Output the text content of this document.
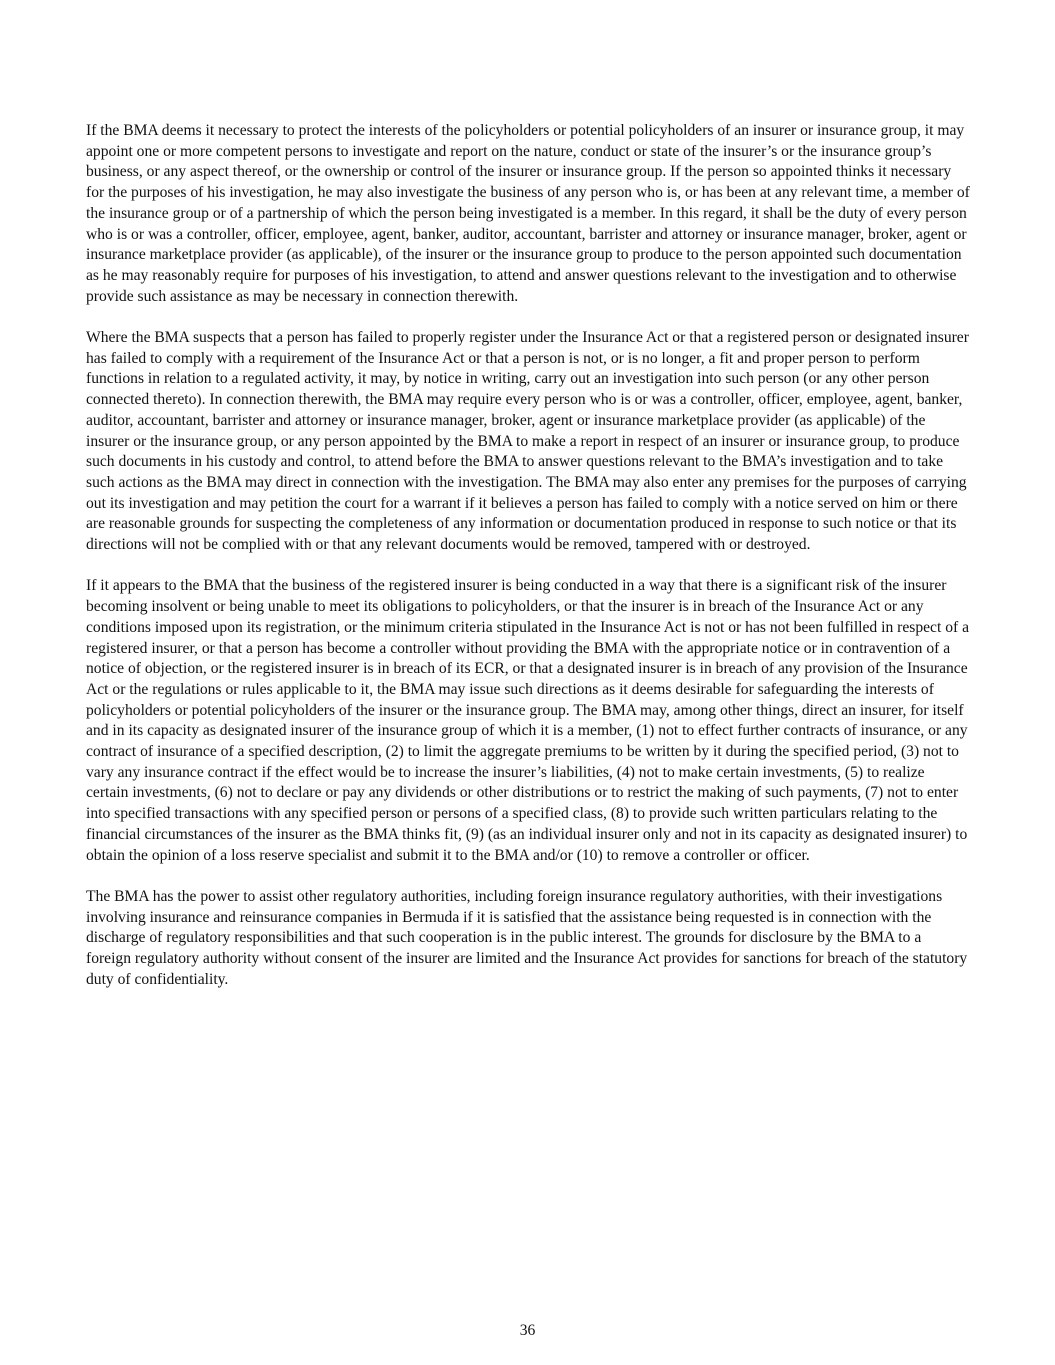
If the BMA deems it necessary to protect the interests of the policyholders or potential policyholders of an insurer or insurance group, it may appoint one or more competent persons to investigate and report on the nature, conduct or state of the insurer’s or the insurance group’s business, or any aspect thereof, or the ownership or control of the insurer or insurance group. If the person so appointed thinks it necessary for the purposes of his investigation, he may also investigate the business of any person who is, or has been at any relevant time, a member of the insurance group or of a partnership of which the person being investigated is a member. In this regard, it shall be the duty of every person who is or was a controller, officer, employee, agent, banker, auditor, accountant, barrister and attorney or insurance manager, broker, agent or insurance marketplace provider (as applicable), of the insurer or the insurance group to produce to the person appointed such documentation as he may reasonably require for purposes of his investigation, to attend and answer questions relevant to the investigation and to otherwise provide such assistance as may be necessary in connection therewith.

Where the BMA suspects that a person has failed to properly register under the Insurance Act or that a registered person or designated insurer has failed to comply with a requirement of the Insurance Act or that a person is not, or is no longer, a fit and proper person to perform functions in relation to a regulated activity, it may, by notice in writing, carry out an investigation into such person (or any other person connected thereto). In connection therewith, the BMA may require every person who is or was a controller, officer, employee, agent, banker, auditor, accountant, barrister and attorney or insurance manager, broker, agent or insurance marketplace provider (as applicable) of the insurer or the insurance group, or any person appointed by the BMA to make a report in respect of an insurer or insurance group, to produce such documents in his custody and control, to attend before the BMA to answer questions relevant to the BMA’s investigation and to take such actions as the BMA may direct in connection with the investigation. The BMA may also enter any premises for the purposes of carrying out its investigation and may petition the court for a warrant if it believes a person has failed to comply with a notice served on him or there are reasonable grounds for suspecting the completeness of any information or documentation produced in response to such notice or that its directions will not be complied with or that any relevant documents would be removed, tampered with or destroyed.

If it appears to the BMA that the business of the registered insurer is being conducted in a way that there is a significant risk of the insurer becoming insolvent or being unable to meet its obligations to policyholders, or that the insurer is in breach of the Insurance Act or any conditions imposed upon its registration, or the minimum criteria stipulated in the Insurance Act is not or has not been fulfilled in respect of a registered insurer, or that a person has become a controller without providing the BMA with the appropriate notice or in contravention of a notice of objection, or the registered insurer is in breach of its ECR, or that a designated insurer is in breach of any provision of the Insurance Act or the regulations or rules applicable to it, the BMA may issue such directions as it deems desirable for safeguarding the interests of policyholders or potential policyholders of the insurer or the insurance group. The BMA may, among other things, direct an insurer, for itself and in its capacity as designated insurer of the insurance group of which it is a member, (1) not to effect further contracts of insurance, or any contract of insurance of a specified description, (2) to limit the aggregate premiums to be written by it during the specified period, (3) not to vary any insurance contract if the effect would be to increase the insurer’s liabilities, (4) not to make certain investments, (5) to realize certain investments, (6) not to declare or pay any dividends or other distributions or to restrict the making of such payments, (7) not to enter into specified transactions with any specified person or persons of a specified class, (8) to provide such written particulars relating to the financial circumstances of the insurer as the BMA thinks fit, (9) (as an individual insurer only and not in its capacity as designated insurer) to obtain the opinion of a loss reserve specialist and submit it to the BMA and/or (10) to remove a controller or officer.

The BMA has the power to assist other regulatory authorities, including foreign insurance regulatory authorities, with their investigations involving insurance and reinsurance companies in Bermuda if it is satisfied that the assistance being requested is in connection with the discharge of regulatory responsibilities and that such cooperation is in the public interest. The grounds for disclosure by the BMA to a foreign regulatory authority without consent of the insurer are limited and the Insurance Act provides for sanctions for breach of the statutory duty of confidentiality.

36
